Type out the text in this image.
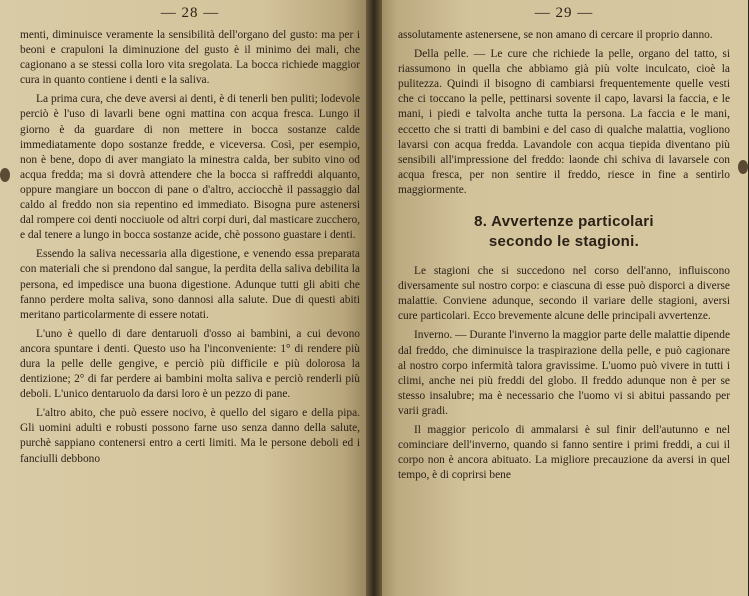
— 28 —

menti, diminuisce veramente la sensibilità dell'organo del gusto: ma per i beoni e crapuloni la diminuzione del gusto è il minimo dei mali, che cagionano a se stessi colla loro vita sregolata. La bocca richiede maggior cura in quanto contiene i denti e la saliva.

La prima cura, che deve aversi ai denti, è di tenerli ben puliti; lodevole perciò è l'uso di lavarli bene ogni mattina con acqua fresca. Lungo il giorno è da guardare di non mettere in bocca sostanze calde immediatamente dopo sostanze fredde, e viceversa. Così, per esempio, non è bene, dopo di aver mangiato la minestra calda, ber subito vino od acqua fredda; ma si dovrà attendere che la bocca si raffreddi alquanto, oppure mangiare un boccon di pane o d'altro, acciocchè il passaggio dal caldo al freddo non sia repentino ed immediato. Bisogna pure astenersi dal rompere coi denti nocciuole od altri corpi duri, dal masticare zucchero, e dal tenere a lungo in bocca sostanze acide, chè possono guastare i denti.

Essendo la saliva necessaria alla digestione, e venendo essa preparata con materiali che si prendono dal sangue, la perdita della saliva debilita la persona, ed impedisce una buona digestione. Adunque tutti gli abiti che fanno perdere molta saliva, sono dannosi alla salute. Due di questi abiti meritano particolarmente di essere notati.

L'uno è quello di dare dentaruoli d'osso ai bambini, a cui devono ancora spuntare i denti. Questo uso ha l'inconveniente: 1° di rendere più dura la pelle delle gengive, e perciò più difficile e più dolorosa la dentizione; 2° di far perdere ai bambini molta saliva e perciò renderli più deboli. L'unico dentaruolo da darsi loro è un pezzo di pane.

L'altro abito, che può essere nocivo, è quello del sigaro e della pipa. Gli uomini adulti e robusti possono farne uso senza danno della salute, purchè sappiano contenersi entro a certi limiti. Ma le persone deboli ed i fanciulli debbono

— 29 —

assolutamente astenersene, se non amano di cercare il proprio danno.

Della pelle. — Le cure che richiede la pelle, organo del tatto, si riassumono in quella che abbiamo già più volte inculcato, cioè la pulitezza. Quindi il bisogno di cambiarsi frequentemente quelle vesti che ci toccano la pelle, pettinarsi sovente il capo, lavarsi la faccia, e le mani, i piedi e talvolta anche tutta la persona. La faccia e le mani, eccetto che si tratti di bambini e del caso di qualche malattia, vogliono lavarsi con acqua fredda. Lavandole con acqua tiepida diventano più sensibili all'impressione del freddo: laonde chi schiva di lavarsele con acqua fresca, per non sentire il freddo, riesce in fine a sentirlo maggiormente.

8. Avvertenze particolari
secondo le stagioni.

Le stagioni che si succedono nel corso dell'anno, influiscono diversamente sul nostro corpo: e ciascuna di esse può disporci a diverse malattie. Conviene adunque, secondo il variare delle stagioni, aversi cure particolari. Ecco brevemente alcune delle principali avvertenze.

Inverno. — Durante l'inverno la maggior parte delle malattie dipende dal freddo, che diminuisce la traspirazione della pelle, e può cagionare al nostro corpo infermità talora gravissime. L'uomo può vivere in tutti i climi, anche nei più freddi del globo. Il freddo adunque non è per se stesso insalubre; ma è necessario che l'uomo vi si abitui passando per varii gradi.

Il maggior pericolo di ammalarsi è sul finir dell'autunno e nel cominciare dell'inverno, quando si fanno sentire i primi freddi, a cui il corpo non è ancora abituato. La migliore precauzione da aversi in quel tempo, è di coprirsi bene
